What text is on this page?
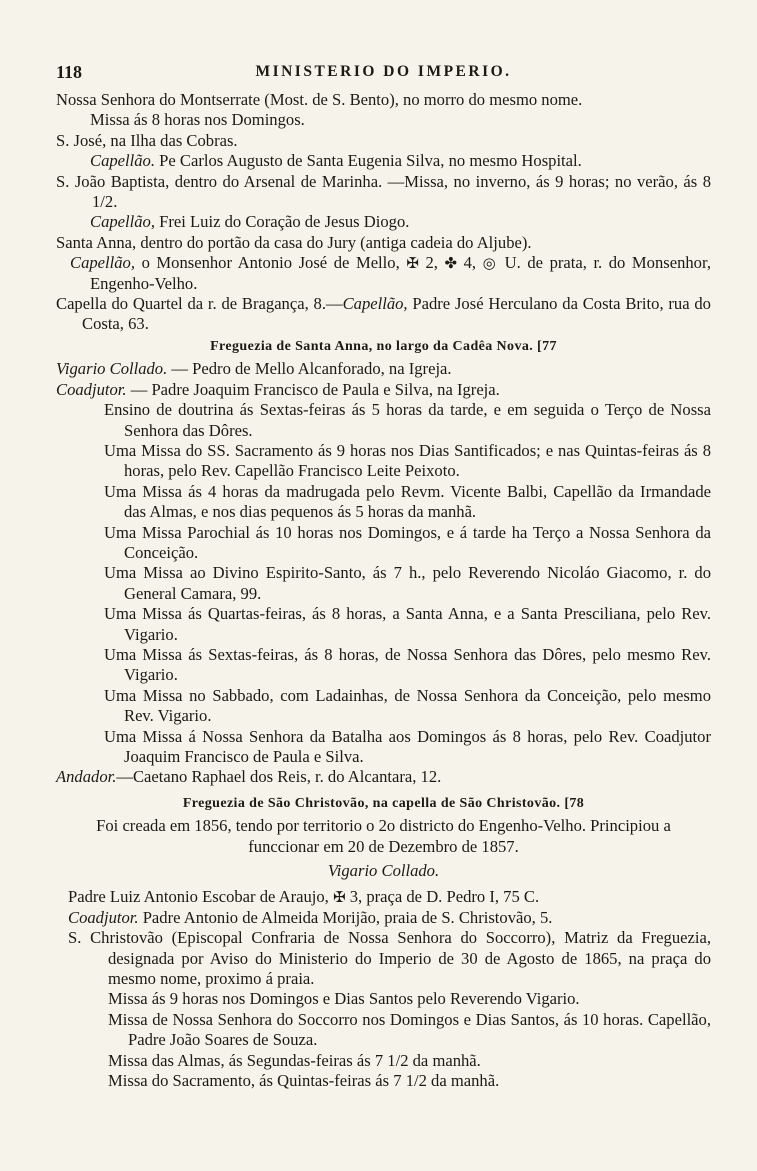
118	MINISTERIO DO IMPERIO.

Nossa Senhora do Montserrate (Most. de S. Bento), no morro do mesmo nome.

Missa ás 8 horas nos Domingos.

S. José, na Ilha das Cobras.

Capellão. Pe Carlos Augusto de Santa Eugenia Silva, no mesmo Hospital.

S. João Baptista, dentro do Arsenal de Marinha. —Missa, no inverno, ás 9 horas; no verão, ás 8 1/2.

Capellão, Frei Luiz do Coração de Jesus Diogo.

Santa Anna, dentro do portão da casa do Jury (antiga cadeia do Aljube).

Capellão, o Monsenhor Antonio José de Mello, ✠ 2, ✤ 4, ◎ U. de prata, r. do Monsenhor, Engenho-Velho.

Capella do Quartel da r. de Bragança, 8.—Capellão, Padre José Herculano da Costa Brito, rua do Costa, 63.

Freguezia de Santa Anna, no largo da Cadêa Nova. [77

Vigario Collado. — Pedro de Mello Alcanforado, na Igreja.

Coadjutor. — Padre Joaquim Francisco de Paula e Silva, na Igreja.

Ensino de doutrina ás Sextas-feiras ás 5 horas da tarde, e em seguida o Terço de Nossa Senhora das Dôres.

Uma Missa do SS. Sacramento ás 9 horas nos Dias Santificados; e nas Quintas-feiras ás 8 horas, pelo Rev. Capellão Francisco Leite Peixoto.

Uma Missa ás 4 horas da madrugada pelo Revm. Vicente Balbi, Capellão da Irmandade das Almas, e nos dias pequenos ás 5 horas da manhã.

Uma Missa Parochial ás 10 horas nos Domingos, e á tarde ha Terço a Nossa Senhora da Conceição.

Uma Missa ao Divino Espirito-Santo, ás 7 h., pelo Reverendo Nicoláo Giacomo, r. do General Camara, 99.

Uma Missa ás Quartas-feiras, ás 8 horas, a Santa Anna, e a Santa Presciliana, pelo Rev. Vigario.

Uma Missa ás Sextas-feiras, ás 8 horas, de Nossa Senhora das Dôres, pelo mesmo Rev. Vigario.

Uma Missa no Sabbado, com Ladainhas, de Nossa Senhora da Conceição, pelo mesmo Rev. Vigario.

Uma Missa á Nossa Senhora da Batalha aos Domingos ás 8 horas, pelo Rev. Coadjutor Joaquim Francisco de Paula e Silva.

Andador.—Caetano Raphael dos Reis, r. do Alcantara, 12.

Freguezia de São Christovão, na capella de São Christovão. [78

Foi creada em 1856, tendo por territorio o 2o districto do Engenho-Velho. Principiou a funccionar em 20 de Dezembro de 1857.

Vigario Collado.

Padre Luiz Antonio Escobar de Araujo, ✠ 3, praça de D. Pedro I, 75 C.

Coadjutor. Padre Antonio de Almeida Morijão, praia de S. Christovão, 5.

S. Christovão (Episcopal Confraria de Nossa Senhora do Soccorro), Matriz da Freguezia, designada por Aviso do Ministerio do Imperio de 30 de Agosto de 1865, na praça do mesmo nome, proximo á praia.

Missa ás 9 horas nos Domingos e Dias Santos pelo Reverendo Vigario.

Missa de Nossa Senhora do Soccorro nos Domingos e Dias Santos, ás 10 horas. Capellão, Padre João Soares de Souza.

Missa das Almas, ás Segundas-feiras ás 7 1/2 da manhã.

Missa do Sacramento, ás Quintas-feiras ás 7 1/2 da manhã.
